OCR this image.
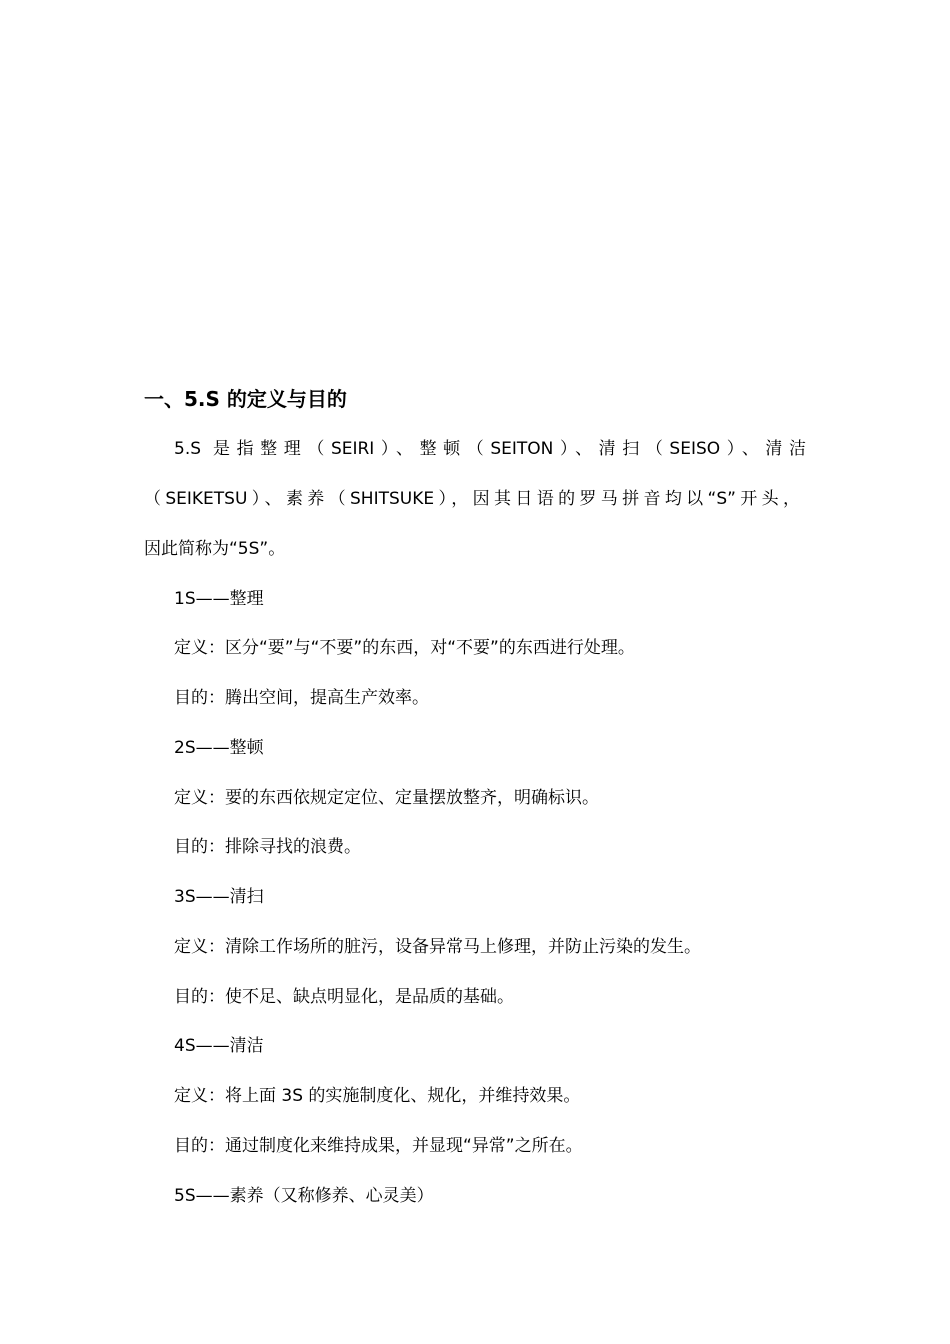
一、5.S 的定义与目的
5.S 是指整理（SEIRI）、整顿（SEITON）、清扫（SEISO）、清洁
（SEIKETSU）、素养（SHITSUKE），因其日语的罗马拼音均以“S”开头，
因此简称为“5S”。
1S——整理
定义：区分“要”与“不要”的东西，对“不要”的东西进行处理。
目的：腾出空间，提高生产效率。
2S——整顿
定义：要的东西依规定定位、定量摆放整齐，明确标识。
目的：排除寻找的浪费。
3S——清扫
定义：清除工作场所的脏污，设备异常马上修理，并防止污染的发生。
目的：使不足、缺点明显化，是品质的基础。
4S——清洁
定义：将上面 3S 的实施制度化、规化，并维持效果。
目的：通过制度化来维持成果，并显现“异常”之所在。
5S——素养（又称修养、心灵美）
